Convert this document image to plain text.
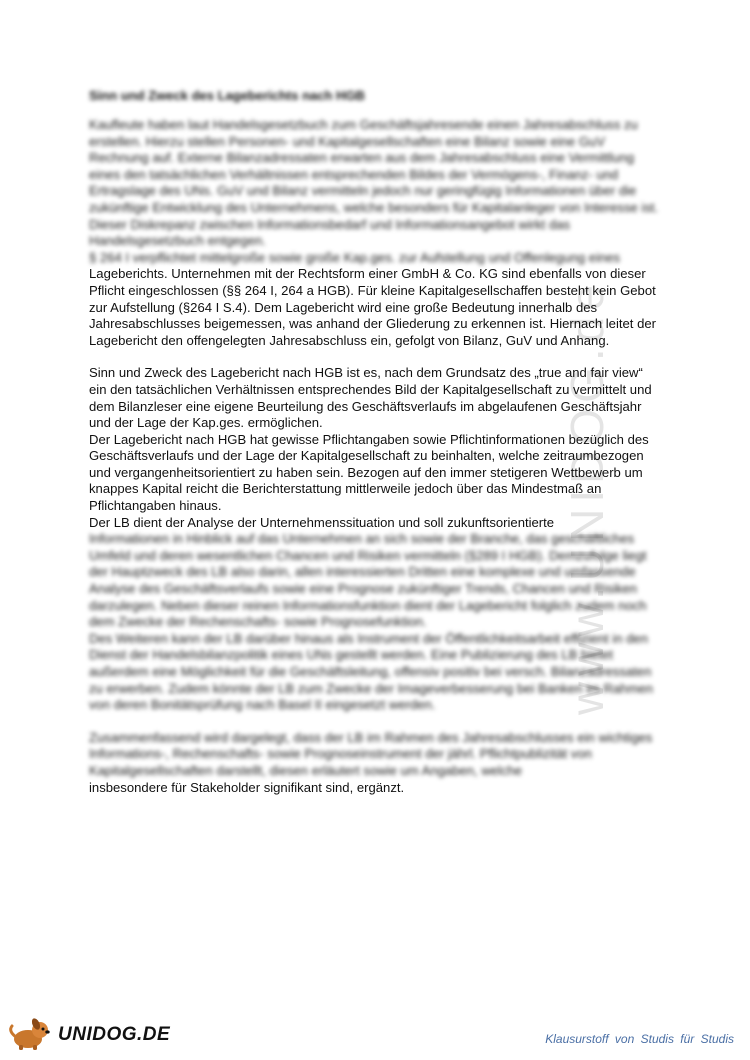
www.UNIDOG.de
Sinn und Zweck des Lageberichts nach HGB

Kaufleute haben laut Handelsgesetzbuch zum Geschäftsjahresende einen Jahresabschluss zu erstellen. Hierzu stellen Personen- und Kapitalgesellschaften eine Bilanz sowie eine GuV Rechnung auf. Externe Bilanzadressaten erwarten aus dem Jahresabschluss eine Vermittlung eines den tatsächlichen Verhältnissen entsprechenden Bildes der Vermögens-, Finanz- und Ertragslage des UNs. GuV und Bilanz vermitteln jedoch nur geringfügig Informationen über die zukünftige Entwicklung des Unternehmens, welche besonders für Kapitalanleger von Interesse ist. Dieser Diskrepanz zwischen Informationsbedarf und Informationsangebot wirkt das Handelsgesetzbuch entgegen.

§ 264 I verpflichtet mittelgroße sowie große Kap.ges. zur Aufstellung und Offenlegung eines

Lageberichts. Unternehmen mit der Rechtsform einer GmbH & Co. KG sind ebenfalls von dieser Pflicht eingeschlossen (§§ 264 I, 264 a HGB). Für kleine Kapitalgesellschaffen besteht kein Gebot zur Aufstellung (§264 I S.4). Dem Lagebericht wird eine große Bedeutung innerhalb des Jahresabschlusses beigemessen, was anhand der Gliederung zu erkennen ist. Hiernach leitet der Lagebericht den offengelegten Jahresabschluss ein, gefolgt von Bilanz, GuV und Anhang.

Sinn und Zweck des Lagebericht nach HGB ist es, nach dem Grundsatz des „true and fair view“ ein den tatsächlichen Verhältnissen entsprechendes Bild der Kapitalgesellschaft zu vermittelt und dem Bilanzleser eine eigene Beurteilung des Geschäftsverlaufs im abgelaufenen Geschäftsjahr und der Lage der Kap.ges. ermöglichen.

Der Lagebericht nach HGB hat gewisse Pflichtangaben sowie Pflichtinformationen bezüglich des Geschäftsverlaufs und der Lage der Kapitalgesellschaft zu beinhalten, welche zeitraumbezogen und vergangenheitsorientiert zu haben sein. Bezogen auf den immer stetigeren Wettbewerb um knappes Kapital reicht die Berichterstattung mittlerweile jedoch über das Mindestmaß an Pflichtangaben hinaus.

Der LB dient der Analyse der Unternehmenssituation und soll zukunftsorientierte

Informationen in Hinblick auf das Unternehmen an sich sowie der Branche, das geschäftliches Umfeld und deren wesentlichen Chancen und Risiken vermitteln (§289 I HGB). Demzufolge liegt der Hauptzweck des LB also darin, allen interessierten Dritten eine komplexe und umfassende Analyse des Geschäftsverlaufs sowie eine Prognose zukünftiger Trends, Chancen und Risiken darzulegen. Neben dieser reinen Informationsfunktion dient der Lagebericht folglich zudem noch dem Zwecke der Rechenschafts- sowie Prognosefunktion.

Des Weiteren kann der LB darüber hinaus als Instrument der Öffentlichkeitsarbeit effizient in den Dienst der Handelsbilanzpolitik eines UNs gestellt werden. Eine Publizierung des LB bietet außerdem eine Möglichkeit für die Geschäftsleitung, offensiv positiv bei versch. Bilanzadressaten zu erwerben. Zudem könnte der LB zum Zwecke der Imageverbesserung bei Banken im Rahmen von deren Bonitätsprüfung nach Basel II eingesetzt werden.

Zusammenfassend wird dargelegt, dass der LB im Rahmen des Jahresabschlusses ein wichtiges Informations-, Rechenschafts- sowie Prognoseinstrument der jährl. Pflichtpublizität von Kapitalgesellschaften darstellt, diesen erläutert sowie um Angaben, welche

insbesondere für Stakeholder signifikant sind, ergänzt.

UNIDOG.DE	Klausurstoff von Studis für Studis
